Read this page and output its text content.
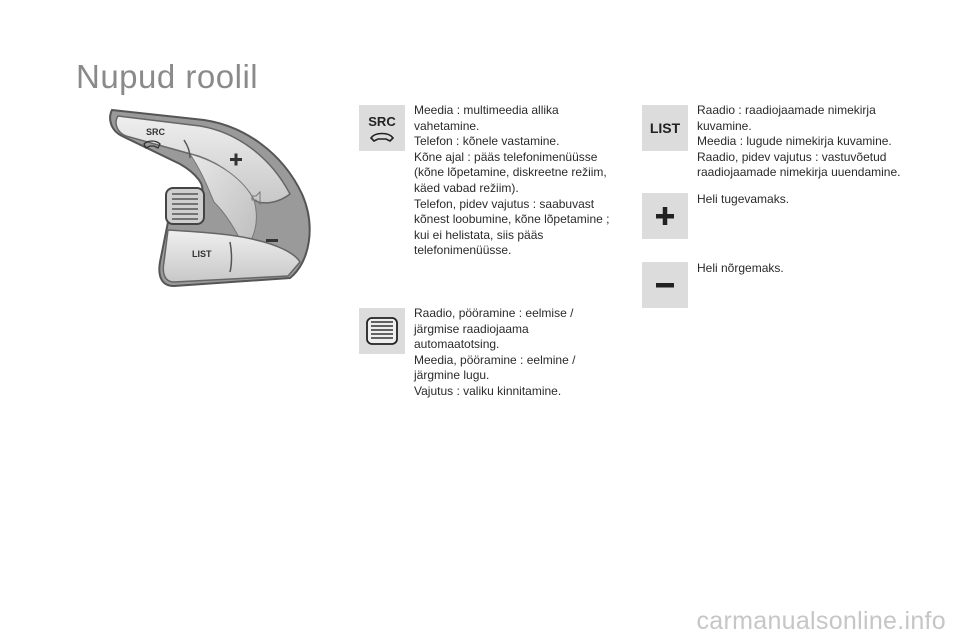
Nupud roolil
SRC
LIST
SRC
Meedia : multimeedia allika
vahetamine.
Telefon : kõnele vastamine.
Kõne ajal : pääs telefonimenüüsse
(kõne lõpetamine, diskreetne režiim,
käed vabad režiim).
Telefon, pidev vajutus : saabuvast
kõnest loobumine, kõne lõpetamine ;
kui ei helistata, siis pääs
telefonimenüüsse.
Raadio, pööramine : eelmise /
järgmise raadiojaama
automaatotsing.
Meedia, pööramine : eelmine /
järgmine lugu.
Vajutus : valiku kinnitamine.
LIST
Raadio : raadiojaamade nimekirja
kuvamine.
Meedia : lugude nimekirja kuvamine.
Raadio, pidev vajutus : vastuvõetud
raadiojaamade nimekirja uuendamine.
Heli tugevamaks.
Heli nõrgemaks.
carmanualsonline.info
